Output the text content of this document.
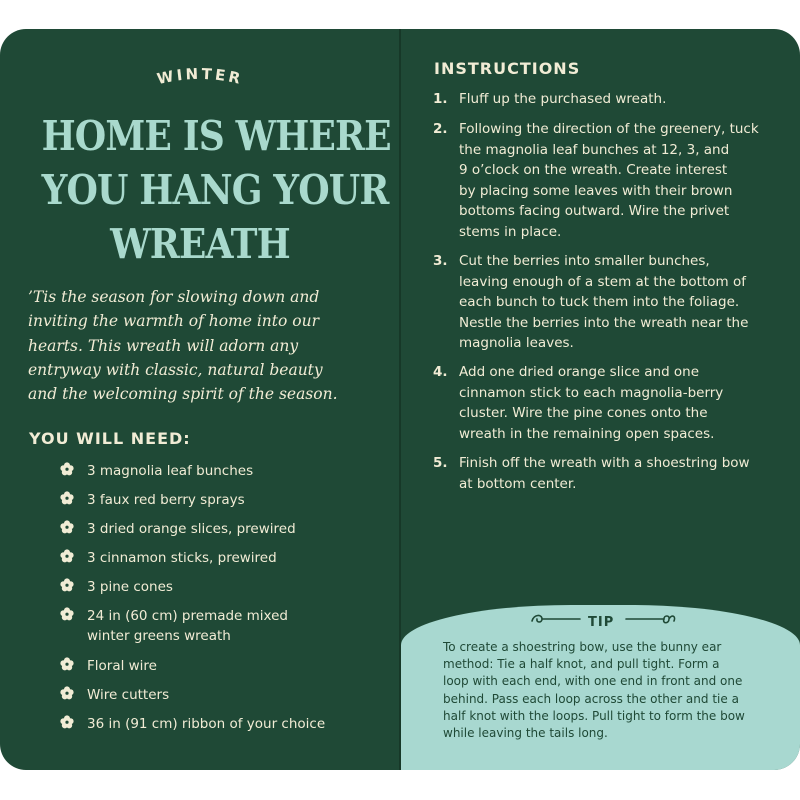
WINTER
HOME IS WHERE
YOU HANG YOUR
WREATH
’Tis the season for slowing down and
inviting the warmth of home into our
hearts. This wreath will adorn any
entryway with classic, natural beauty
and the welcoming spirit of the season.
YOU WILL NEED:
3 magnolia leaf bunches
3 faux red berry sprays
3 dried orange slices, prewired
3 cinnamon sticks, prewired
3 pine cones
24 in (60 cm) premade mixed
winter greens wreath
Floral wire
Wire cutters
36 in (91 cm) ribbon of your choice
INSTRUCTIONS
1. Fluff up the purchased wreath.
2. Following the direction of the greenery, tuck
the magnolia leaf bunches at 12, 3, and
9 o’clock on the wreath. Create interest
by placing some leaves with their brown
bottoms facing outward. Wire the privet
stems in place.
3. Cut the berries into smaller bunches,
leaving enough of a stem at the bottom of
each bunch to tuck them into the foliage.
Nestle the berries into the wreath near the
magnolia leaves.
4. Add one dried orange slice and one
cinnamon stick to each magnolia-berry
cluster. Wire the pine cones onto the
wreath in the remaining open spaces.
5. Finish off the wreath with a shoestring bow
at bottom center.
TIP
To create a shoestring bow, use the bunny ear
method: Tie a half knot, and pull tight. Form a
loop with each end, with one end in front and one
behind. Pass each loop across the other and tie a
half knot with the loops. Pull tight to form the bow
while leaving the tails long.
